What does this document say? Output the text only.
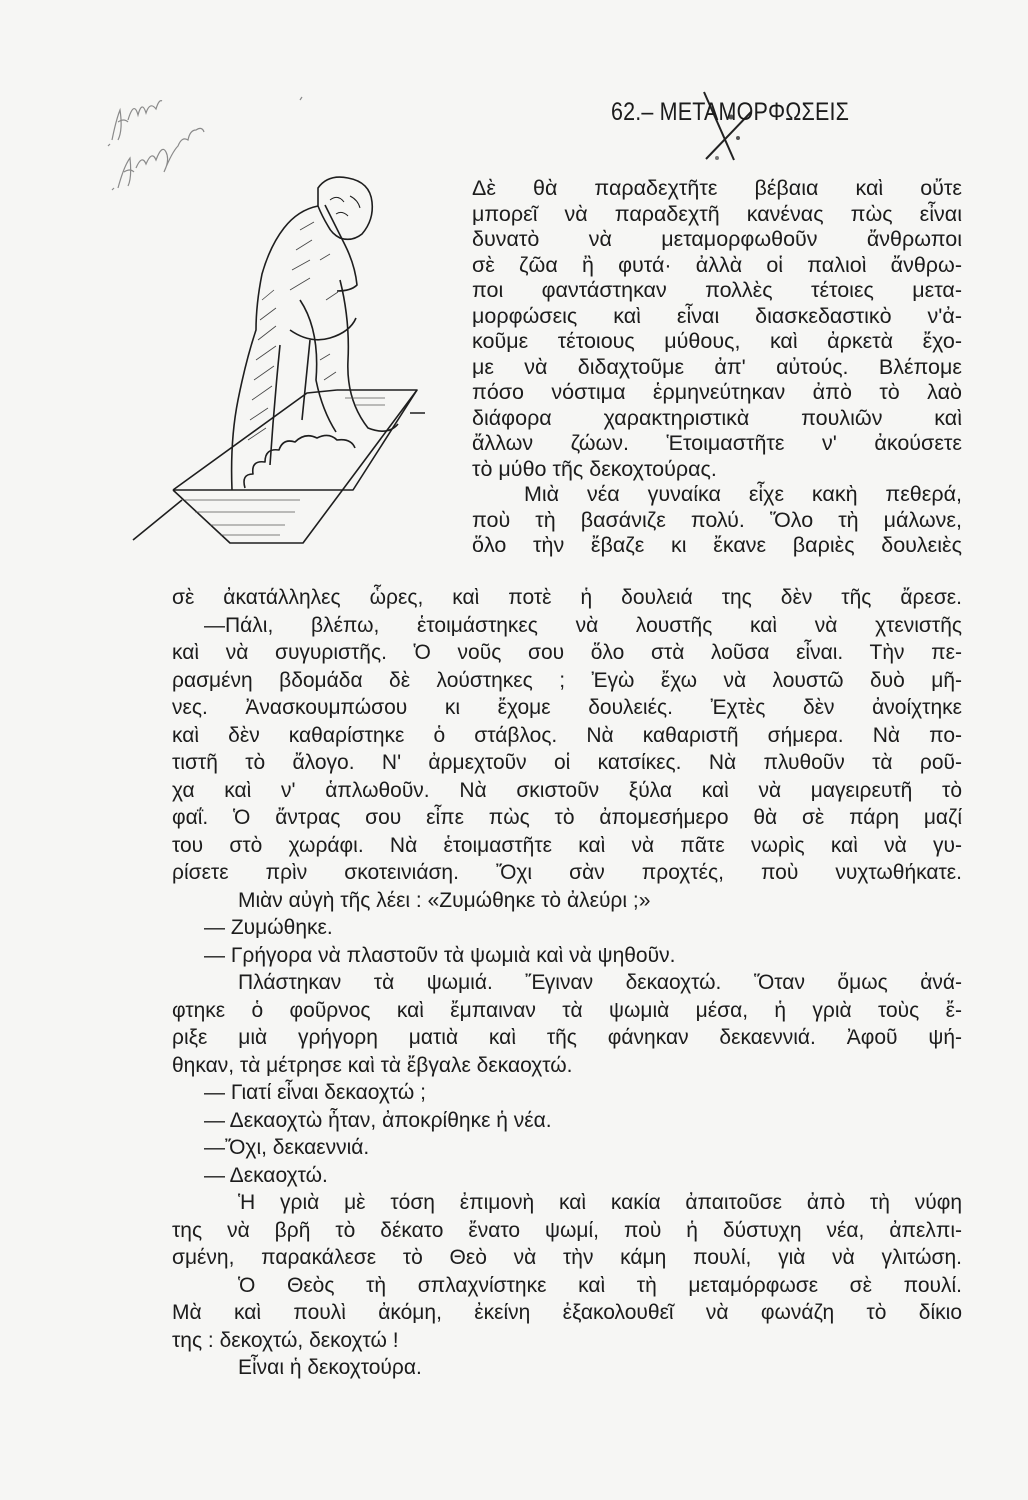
62.– ΜΕΤΑΜΟΡΦΩΣΕΙΣ
Δὲ θὰ παραδεχτῆτε βέβαια καὶ οὔτε
μπορεῖ νὰ παραδεχτῆ κανένας πὼς εἶναι
δυνατὸ νὰ μεταμορφωθοῦν ἄνθρωποι
σὲ ζῶα ἢ φυτά· ἀλλὰ οἱ παλιοὶ ἄνθρω-
ποι φαντάστηκαν πολλὲς τέτοιες μετα-
μορφώσεις καὶ εἶναι διασκεδαστικὸ ν'ἀ-
κοῦμε τέτοιους μύθους, καὶ ἀρκετὰ ἔχο-
με νὰ διδαχτοῦμε ἀπ' αὐτούς. Βλέπομε
πόσο νόστιμα ἑρμηνεύτηκαν ἀπὸ τὸ λαὸ
διάφορα χαρακτηριστικὰ πουλιῶν καὶ
ἄλλων ζώων. Ἑτοιμαστῆτε ν' ἀκούσετε
τὸ μύθο τῆς δεκοχτούρας.
Μιὰ νέα γυναίκα εἶχε κακὴ πεθερά,
ποὺ τὴ βασάνιζε πολύ. Ὅλο τὴ μάλωνε,
ὅλο τὴν ἔβαζε κι ἔκανε βαριὲς δουλειὲς
σὲ ἀκατάλληλες ὧρες, καὶ ποτὲ ἡ δουλειά της δὲν τῆς ἄρεσε.
—Πάλι, βλέπω, ἑτοιμάστηκες νὰ λουστῆς καὶ νὰ χτενιστῆς
καὶ νὰ συγυριστῆς. Ὁ νοῦς σου ὅλο στὰ λοῦσα εἶναι. Τὴν πε-
ρασμένη βδομάδα δὲ λούστηκες ; Ἐγὼ ἔχω νὰ λουστῶ δυὸ μῆ-
νες. Ἀνασκουμπώσου κι ἔχομε δουλειές. Ἐχτὲς δὲν ἀνοίχτηκε
καὶ δὲν καθαρίστηκε ὁ στάβλος. Νὰ καθαριστῆ σήμερα. Νὰ πο-
τιστῆ τὸ ἄλογο. Ν' ἀρμεχτοῦν οἱ κατσίκες. Νὰ πλυθοῦν τὰ ροῦ-
χα καὶ ν' ἁπλωθοῦν. Νὰ σκιστοῦν ξύλα καὶ νὰ μαγειρευτῆ τὸ
φαΐ. Ὁ ἄντρας σου εἶπε πὼς τὸ ἀπομεσήμερο θὰ σὲ πάρη μαζί
του στὸ χωράφι. Νὰ ἑτοιμαστῆτε καὶ νὰ πᾶτε νωρὶς καὶ νὰ γυ-
ρίσετε πρὶν σκοτεινιάση. Ὄχι σὰν προχτές, ποὺ νυχτωθήκατε.
Μιὰν αὐγὴ τῆς λέει : «Ζυμώθηκε τὸ ἀλεύρι ;»
— Ζυμώθηκε.
— Γρήγορα νὰ πλαστοῦν τὰ ψωμιὰ καὶ νὰ ψηθοῦν.
Πλάστηκαν τὰ ψωμιά. Ἔγιναν δεκαοχτώ. Ὅταν ὅμως ἀνά-
φτηκε ὁ φοῦρνος καὶ ἔμπαιναν τὰ ψωμιὰ μέσα, ἡ γριὰ τοὺς ἔ-
ριξε μιὰ γρήγορη ματιὰ καὶ τῆς φάνηκαν δεκαεννιά. Ἀφοῦ ψή-
θηκαν, τὰ μέτρησε καὶ τὰ ἔβγαλε δεκαοχτώ.
— Γιατί εἶναι δεκαοχτώ ;
— Δεκαοχτὼ ἦταν, ἀποκρίθηκε ἡ νέα.
—Ὄχι, δεκαεννιά.
— Δεκαοχτώ.
Ἡ γριὰ μὲ τόση ἐπιμονὴ καὶ κακία ἀπαιτοῦσε ἀπὸ τὴ νύφη
της νὰ βρῆ τὸ δέκατο ἔνατο ψωμί, ποὺ ἡ δύστυχη νέα, ἀπελπι-
σμένη, παρακάλεσε τὸ Θεὸ νὰ τὴν κάμη πουλί, γιὰ νὰ γλιτώση.
Ὁ Θεὸς τὴ σπλαχνίστηκε καὶ τὴ μεταμόρφωσε σὲ πουλί.
Μὰ καὶ πουλὶ ἀκόμη, ἐκείνη ἐξακολουθεῖ νὰ φωνάζη τὸ δίκιο
της : δεκοχτώ, δεκοχτώ !
Εἶναι ἡ δεκοχτούρα.
